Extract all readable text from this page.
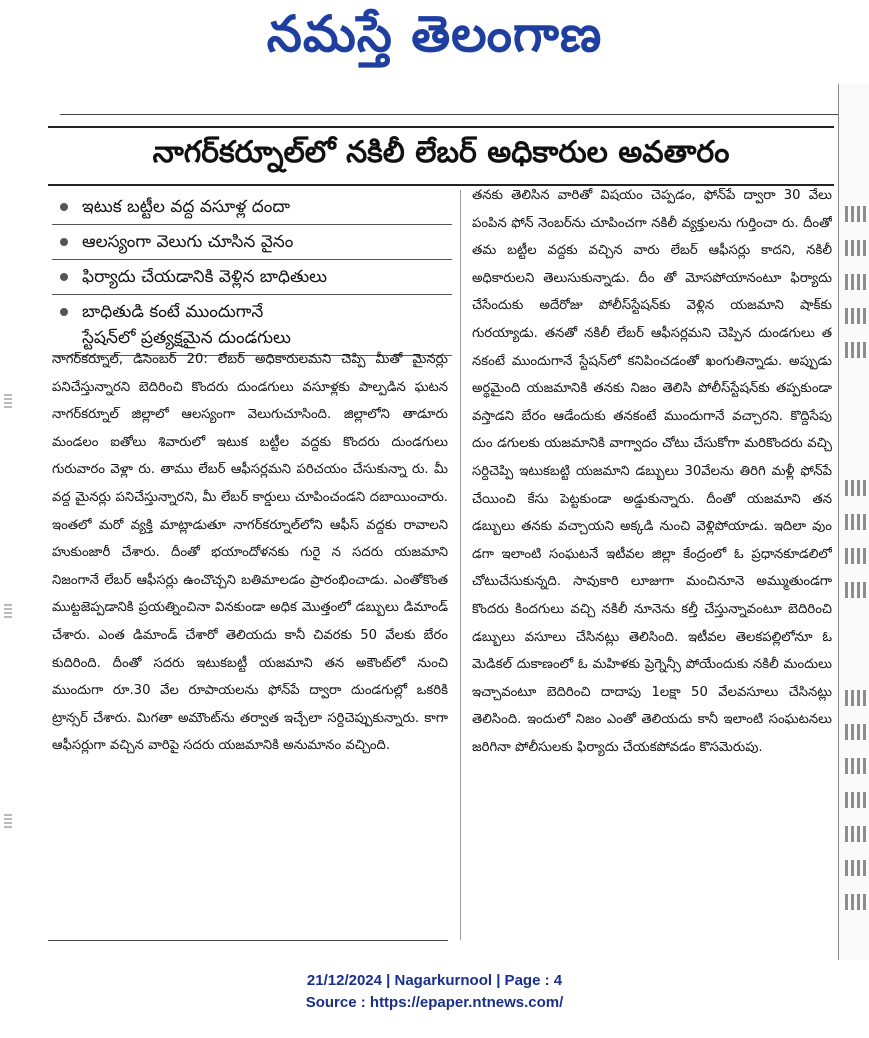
నమస్తే తెలంగాణ
నాగర్‌కర్నూల్‌లో నకిలీ లేబర్ అధికారుల అవతారం
ఇటుక బట్టీల వద్ద వసూళ్ల దందా
ఆలస్యంగా వెలుగు చూసిన వైనం
ఫిర్యాదు చేయడానికి వెళ్లిన బాధితులు
బాధితుడి కంటే ముందుగానే
స్టేషన్‌లో ప్రత్యక్షమైన దుండగులు
నాగర్‌కర్నూల్, డిసెంబర్ 20: లేబర్ అధికారులమని చెప్పి మీతో మైనర్లు పనిచేస్తున్నారని బెదిరించి కొందరు దుండగులు వసూళ్లకు పాల్పడిన ఘటన నాగర్‌కర్నూల్ జిల్లాలో ఆలస్యంగా వెలుగుచూసింది. జిల్లాలోని తాడూరు మండలం ఐతోలు శివారులో ఇటుక బట్టీల వద్దకు కొందరు దుండగులు గురువారం వెళ్లా రు. తాము లేబర్ ఆఫీసర్లమని పరిచయం చేసుకున్నా రు. మీ వద్ద మైనర్లు పనిచేస్తున్నారని, మీ లేబర్ కార్డులు చూపించండని దబాయించారు. ఇంతలో మరో వ్యక్తి మాట్లాడుతూ నాగర్‌కర్నూల్‌లోని ఆఫీస్ వద్దకు రావాలని హుకుంజారీ చేశారు. దీంతో భయాందోళనకు గురై న సదరు యజమాని నిజంగానే లేబర్ ఆఫీసర్లు ఉంచొచ్చని బతిమాలడం ప్రారంభించాడు. ఎంతోకొంత ముట్టజెప్పడానికి ప్రయత్నించినా వినకుండా అధిక మొత్తంలో డబ్బులు డిమాండ్ చేశారు. ఎంత డిమాండ్ చేశారో తెలియదు కానీ చివరకు 50 వేలకు బేరం కుదిరింది. దీంతో సదరు ఇటుకబట్టీ యజమాని తన అకౌంట్‌లో నుంచి ముందుగా రూ.30 వేల రూపాయలను ఫోన్‌పే ద్వారా దుండగుల్లో ఒకరికి ట్రాన్సర్ చేశారు. మిగతా అమౌంట్‌ను తర్వాత ఇచ్చేలా సర్దిచెప్పుకున్నారు. కాగా ఆఫీసర్లుగా వచ్చిన వారిపై సదరు యజమానికి అనుమానం వచ్చింది.
తనకు తెలిసిన వారితో విషయం చెప్పడం, ఫోన్‌పే ద్వారా 30 వేలు పంపిన ఫోన్ నెంబర్‌ను చూపించగా నకిలీ వ్యక్తులను గుర్తించా రు. దీంతో తమ బట్టీల వద్దకు వచ్చిన వారు లేబర్ ఆఫీసర్లు కాదని, నకిలీ అధికారులని తెలుసుకున్నాడు. దీం తో మోసపోయానంటూ ఫిర్యాదు చేసేందుకు అదేరోజు పోలీస్‌స్టేషన్‌కు వెళ్లిన యజమాని షాక్‌కు గురయ్యాడు. తనతో నకిలీ లేబర్ ఆఫీసర్లమని చెప్పిన దుండగులు త నకంటే ముందుగానే స్టేషన్‌లో కనిపించడంతో ఖంగుతిన్నాడు. అప్పుడు అర్థమైంది యజమానికి తనకు నిజం తెలిసి పోలీస్‌స్టేషన్‌కు తప్పకుండా వస్తాడని బేరం ఆడేందుకు తనకంటే ముందుగానే వచ్చారని. కొద్దిసేపు దుం డగులకు యజమానికి వాగ్వాదం చోటు చేసుకోగా మరికొందరు వచ్చి సర్దిచెప్పి ఇటుకబట్టి యజమాని డబ్బులు 30వేలను తిరిగి మళ్లీ ఫోన్‌పే చేయించి కేసు పెట్టకుండా అడ్డుకున్నారు. దీంతో యజమాని తన డబ్బులు తనకు వచ్చాయని అక్కడి నుంచి వెళ్లిపోయాడు. ఇదిలా వుం డగా ఇలాంటి సంఘటనే ఇటీవల జిల్లా కేంద్రంలో ఓ ప్రధానకూడలిలో చోటుచేసుకున్నది. సావుకారి లూజుగా మంచినూనె అమ్ముతుండగా కొందరు కిందగులు వచ్చి నకిలీ నూనెను కల్తీ చేస్తున్నావంటూ బెదిరించి డబ్బులు వసూలు చేసినట్లు తెలిసింది. ఇటీవల తెలకపల్లిలోనూ ఓ మెడికల్ దుకాణంలో ఓ మహిళకు ప్రెగ్నెన్సీ పోయేందుకు నకిలీ మందులు ఇచ్చావంటూ బెదిరించి దాదాపు 1లక్షా 50 వేలవసూలు చేసినట్లు తెలిసింది. ఇందులో నిజం ఎంతో తెలియదు కానీ ఇలాంటి సంఘటనలు జరిగినా పోలీసులకు ఫిర్యాదు చేయకపోవడం కొసమెరుపు.
21/12/2024 | Nagarkurnool | Page : 4
Source : https://epaper.ntnews.com/
